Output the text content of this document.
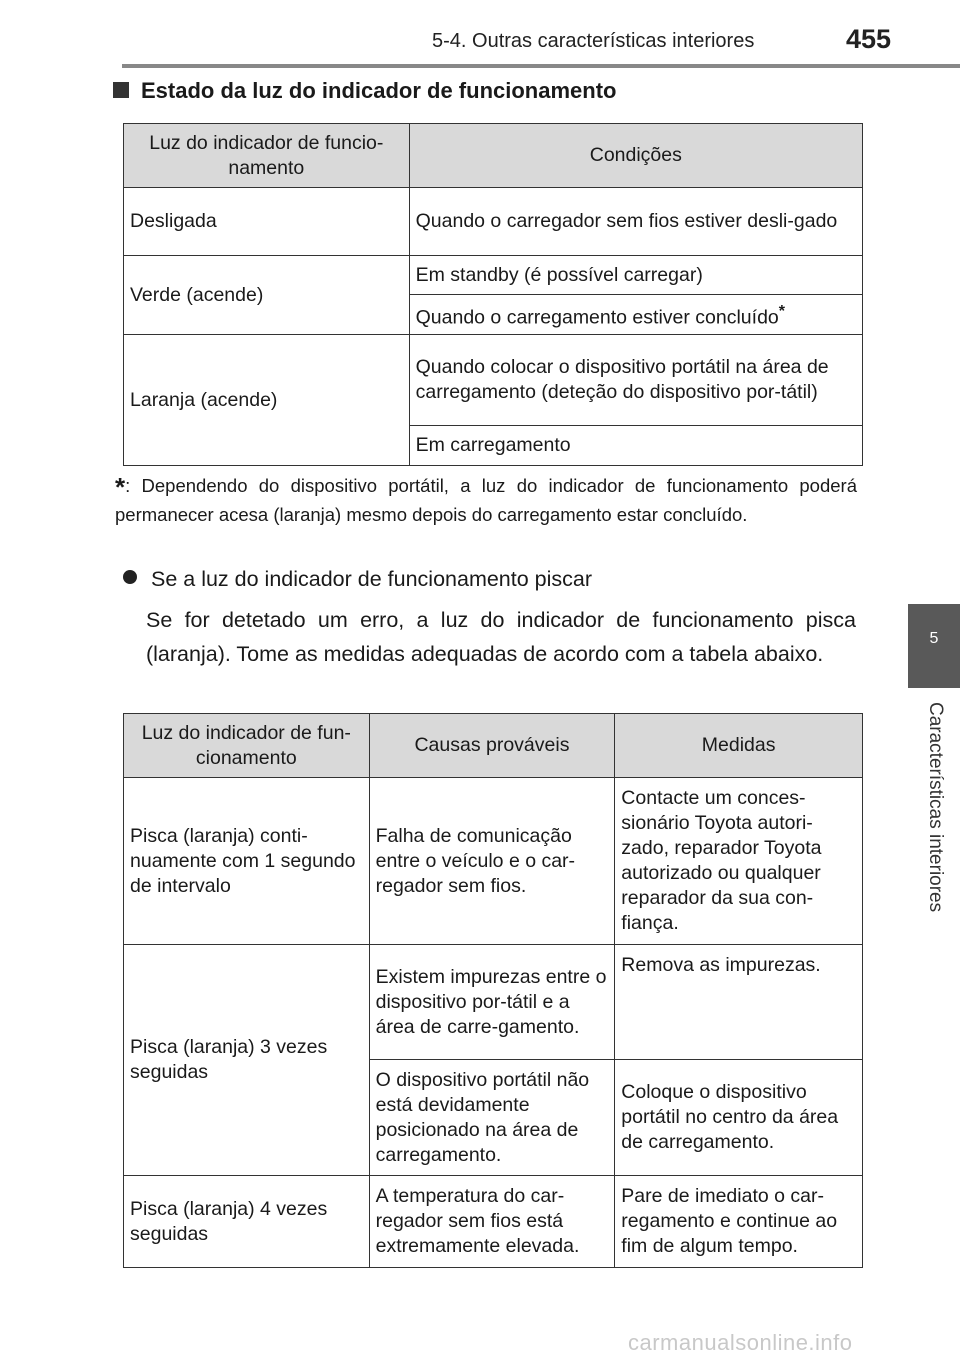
5-4. Outras características interiores	455
5
Características interiores
Estado da luz do indicador de funcionamento
Luz do indicador de funcio-namento	Condições
Desligada	Quando o carregador sem fios estiver desli-gado
Verde (acende)	Em standby (é possível carregar)
	Quando o carregamento estiver concluído*
Laranja (acende)	Quando colocar o dispositivo portátil na área de carregamento (deteção do dispositivo por-tátil)
	Em carregamento
*: Dependendo do dispositivo portátil, a luz do indicador de funcionamento poderá permanecer acesa (laranja) mesmo depois do carregamento estar concluído.
Se a luz do indicador de funcionamento piscar
Se for detetado um erro, a luz do indicador de funcionamento pisca (laranja). Tome as medidas adequadas de acordo com a tabela abaixo.
Luz do indicador de fun-cionamento	Causas prováveis	Medidas
Pisca (laranja) conti-nuamente com 1 segundo de intervalo	Falha de comunicação entre o veículo e o car-regador sem fios.	Contacte um conces-sionário Toyota autori-zado, reparador Toyota autorizado ou qualquer reparador da sua con-fiança.
Pisca (laranja) 3 vezes seguidas	Existem impurezas entre o dispositivo por-tátil e a área de carre-gamento.	Remova as impurezas.
	O dispositivo portátil não está devidamente posicionado na área de carregamento.	Coloque o dispositivo portátil no centro da área de carregamento.
Pisca (laranja) 4 vezes seguidas	A temperatura do car-regador sem fios está extremamente elevada.	Pare de imediato o car-regamento e continue ao fim de algum tempo.
carmanualsonline.info
